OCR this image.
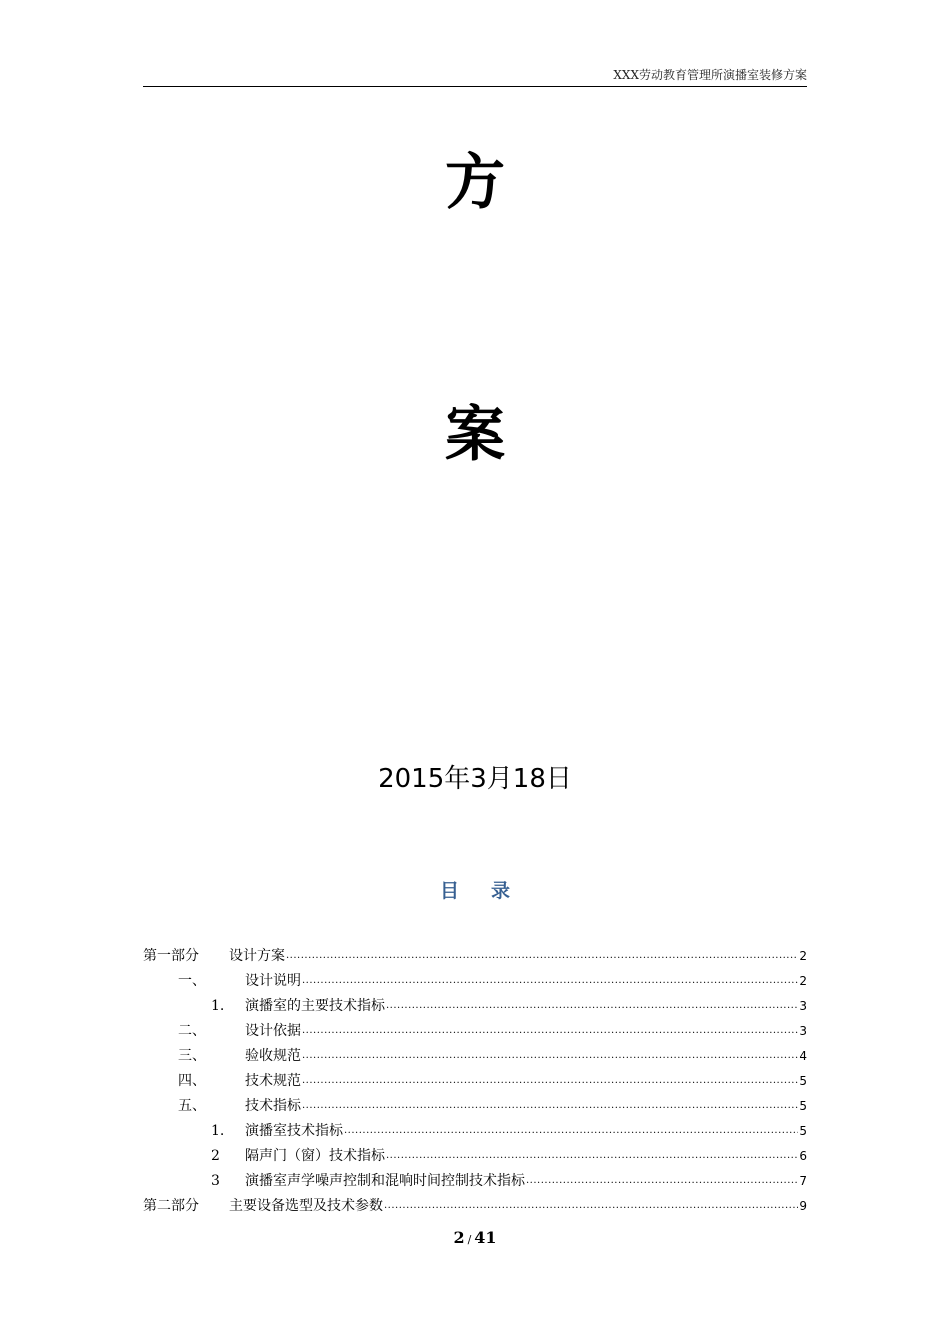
XXX劳动教育管理所演播室装修方案
方
案
2015年3月18日
目录
第一部分	设计方案 .....	2
一、	设计说明 .....	2
1.	演播室的主要技术指标 .....	3
二、	设计依据 .....	3
三、	验收规范 .....	4
四、	技术规范 .....	5
五、	技术指标 .....	5
1.	演播室技术指标 .....	5
2	隔声门（窗）技术指标 .....	6
3	演播室声学噪声控制和混响时间控制技术指标 .....	7
第二部分	主要设备选型及技术参数 .....	9
2 / 41
